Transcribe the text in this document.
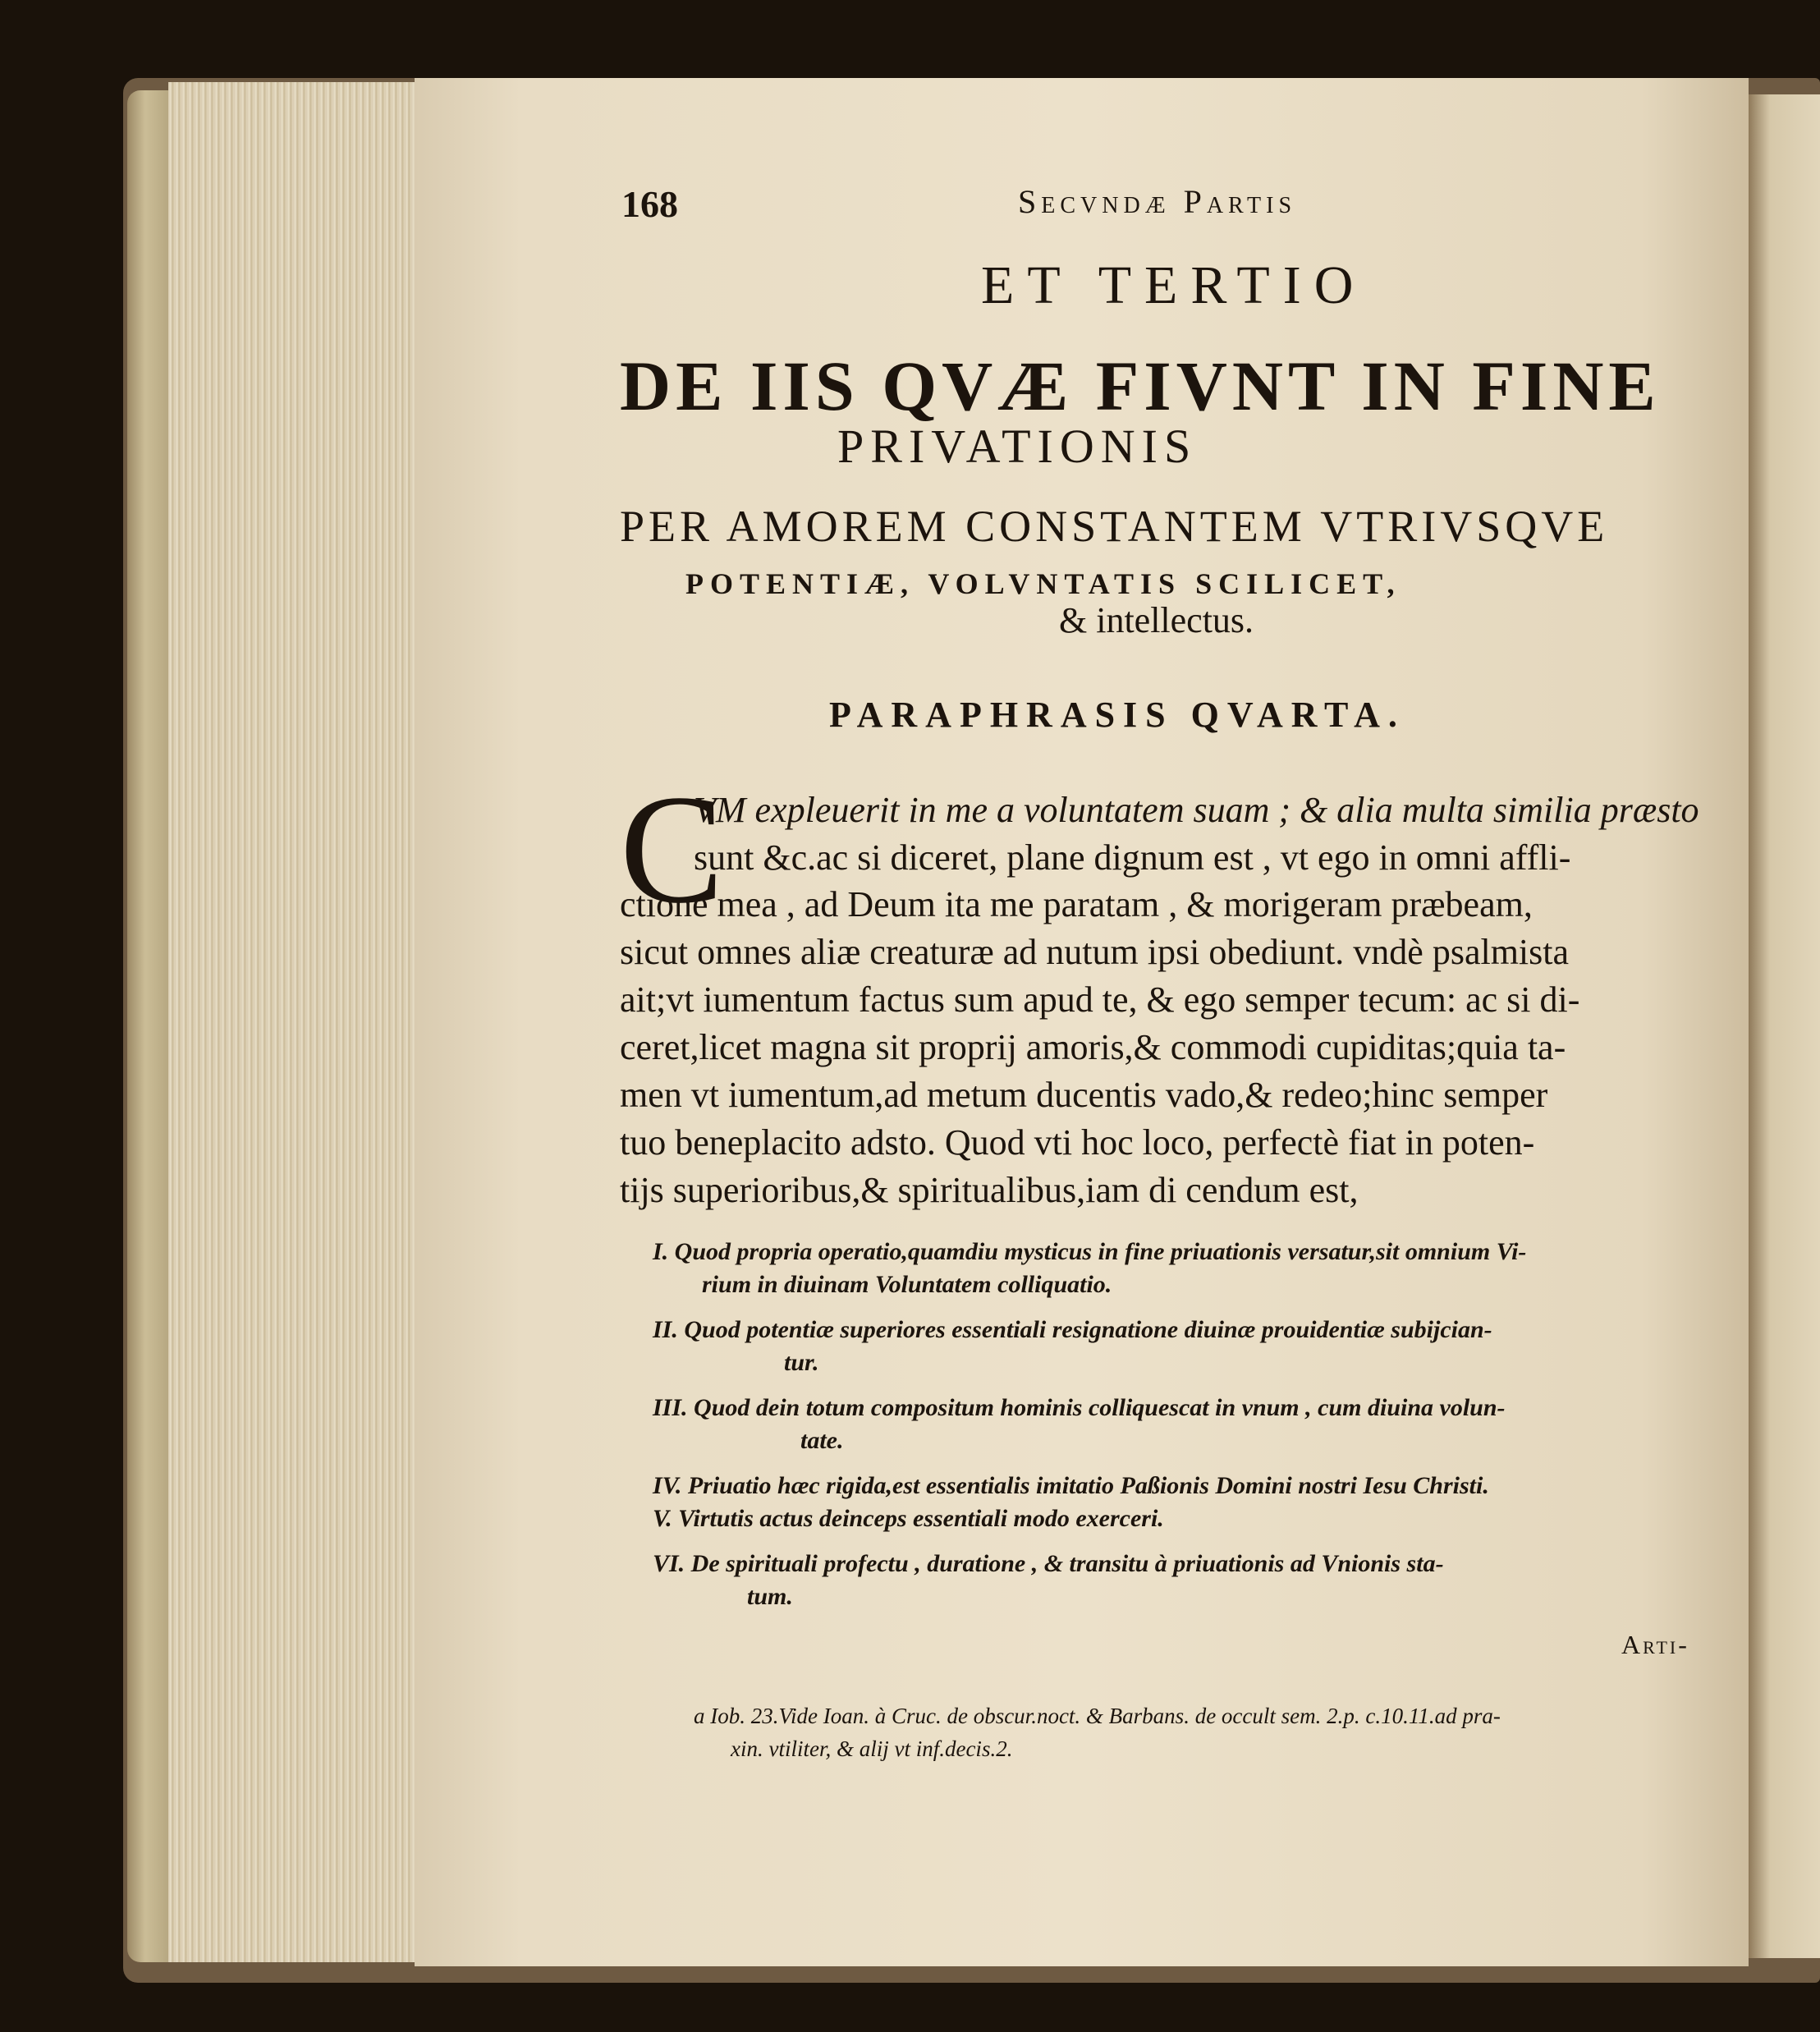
168	Secvndæ Partis
ET TERTIO
DE IIS QVÆ FIVNT IN FINE
PRIVATIONIS
PER AMOREM CONSTANTEM VTRIVSQVE
POTENTIÆ, VOLVNTATIS SCILICET,
& intellectus.
PARAPHRASIS QVARTA.
C
VM expleuerit in me a voluntatem suam ; & alia multa similia præsto
sunt &c.ac si diceret, plane dignum est , vt ego in omni affli-
ctione mea , ad Deum ita me paratam , & morigeram præbeam,
sicut omnes aliæ creaturæ ad nutum ipsi obediunt. vndè psalmista
ait;vt iumentum factus sum apud te, & ego semper tecum: ac si di-
ceret,licet magna sit proprij amoris,& commodi cupiditas;quia ta-
men vt iumentum,ad metum ducentis vado,& redeo;hinc semper
tuo beneplacito adsto. Quod vti hoc loco, perfectè fiat in poten-
tijs superioribus,& spiritualibus,iam di cendum est,
I. Quod propria operatio,quamdiu mysticus in fine priuationis versatur,sit omnium Vi-
rium in diuinam Voluntatem colliquatio.
II. Quod potentiæ superiores essentiali resignatione diuinæ prouidentiæ subijcian-
tur.
III. Quod dein totum compositum hominis colliquescat in vnum , cum diuina volun-
tate.
IV. Priuatio hæc rigida,est essentialis imitatio Paßionis Domini nostri Iesu Christi.
V. Virtutis actus deinceps essentiali modo exerceri.
VI. De spirituali profectu , duratione , & transitu à priuationis ad Vnionis sta-
tum.
Arti-
a Iob. 23.Vide Ioan. à Cruc. de obscur.noct. & Barbans. de occult sem. 2.p. c.10.11.ad pra-
xin. vtiliter, & alij vt inf.decis.2.
